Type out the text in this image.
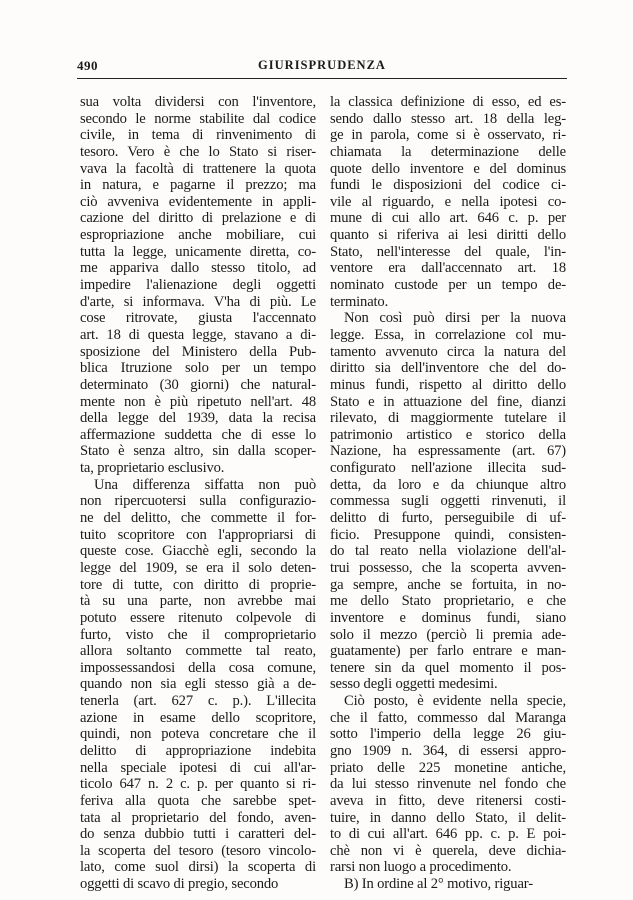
490	GIURISPRUDENZA
sua volta dividersi con l'inventore,
secondo le norme stabilite dal codice
civile, in tema di rinvenimento di
tesoro. Vero è che lo Stato si riser-
vava la facoltà di trattenere la quota
in natura, e pagarne il prezzo; ma
ciò avveniva evidentemente in appli-
cazione del diritto di prelazione e di
espropriazione anche mobiliare, cui
tutta la legge, unicamente diretta, co-
me appariva dallo stesso titolo, ad
impedire l'alienazione degli oggetti
d'arte, si informava. V'ha di più. Le
cose ritrovate, giusta l'accennato
art. 18 di questa legge, stavano a di-
sposizione del Ministero della Pub-
blica Itruzione solo per un tempo
determinato (30 giorni) che natural-
mente non è più ripetuto nell'art. 48
della legge del 1939, data la recisa
affermazione suddetta che di esse lo
Stato è senza altro, sin dalla scoper-
ta, proprietario esclusivo.
Una differenza siffatta non può
non ripercuotersi sulla configurazio-
ne del delitto, che commette il for-
tuito scopritore con l'appropriarsi di
queste cose. Giacchè egli, secondo la
legge del 1909, se era il solo deten-
tore di tutte, con diritto di proprie-
tà su una parte, non avrebbe mai
potuto essere ritenuto colpevole di
furto, visto che il comproprietario
allora soltanto commette tal reato,
impossessandosi della cosa comune,
quando non sia egli stesso già a de-
tenerla (art. 627 c. p.). L'illecita
azione in esame dello scopritore,
quindi, non poteva concretare che il
delitto di appropriazione indebita
nella speciale ipotesi di cui all'ar-
ticolo 647 n. 2 c. p. per quanto si ri-
feriva alla quota che sarebbe spet-
tata al proprietario del fondo, aven-
do senza dubbio tutti i caratteri del-
la scoperta del tesoro (tesoro vincolo-
lato, come suol dirsi) la scoperta di
oggetti di scavo di pregio, secondo
la classica definizione di esso, ed es-
sendo dallo stesso art. 18 della leg-
ge in parola, come si è osservato, ri-
chiamata la determinazione delle
quote dello inventore e del dominus
fundi le disposizioni del codice ci-
vile al riguardo, e nella ipotesi co-
mune di cui allo art. 646 c. p. per
quanto si riferiva ai lesi diritti dello
Stato, nell'interesse del quale, l'in-
ventore era dall'accennato art. 18
nominato custode per un tempo de-
terminato.
Non così può dirsi per la nuova
legge. Essa, in correlazione col mu-
tamento avvenuto circa la natura del
diritto sia dell'inventore che del do-
minus fundi, rispetto al diritto dello
Stato e in attuazione del fine, dianzi
rilevato, di maggiormente tutelare il
patrimonio artistico e storico della
Nazione, ha espressamente (art. 67)
configurato nell'azione illecita sud-
detta, da loro e da chiunque altro
commessa sugli oggetti rinvenuti, il
delitto di furto, perseguibile di uf-
ficio. Presuppone quindi, consisten-
do tal reato nella violazione dell'al-
trui possesso, che la scoperta avven-
ga sempre, anche se fortuita, in no-
me dello Stato proprietario, e che
inventore e dominus fundi, siano
solo il mezzo (perciò li premia ade-
guatamente) per farlo entrare e man-
tenere sin da quel momento il pos-
sesso degli oggetti medesimi.
Ciò posto, è evidente nella specie,
che il fatto, commesso dal Maranga
sotto l'imperio della legge 26 giu-
gno 1909 n. 364, di essersi appro-
priato delle 225 monetine antiche,
da lui stesso rinvenute nel fondo che
aveva in fitto, deve ritenersi costi-
tuire, in danno dello Stato, il delit-
to di cui all'art. 646 pp. c. p. E poi-
chè non vi è querela, deve dichia-
rarsi non luogo a procedimento.
B) In ordine al 2° motivo, riguar-
